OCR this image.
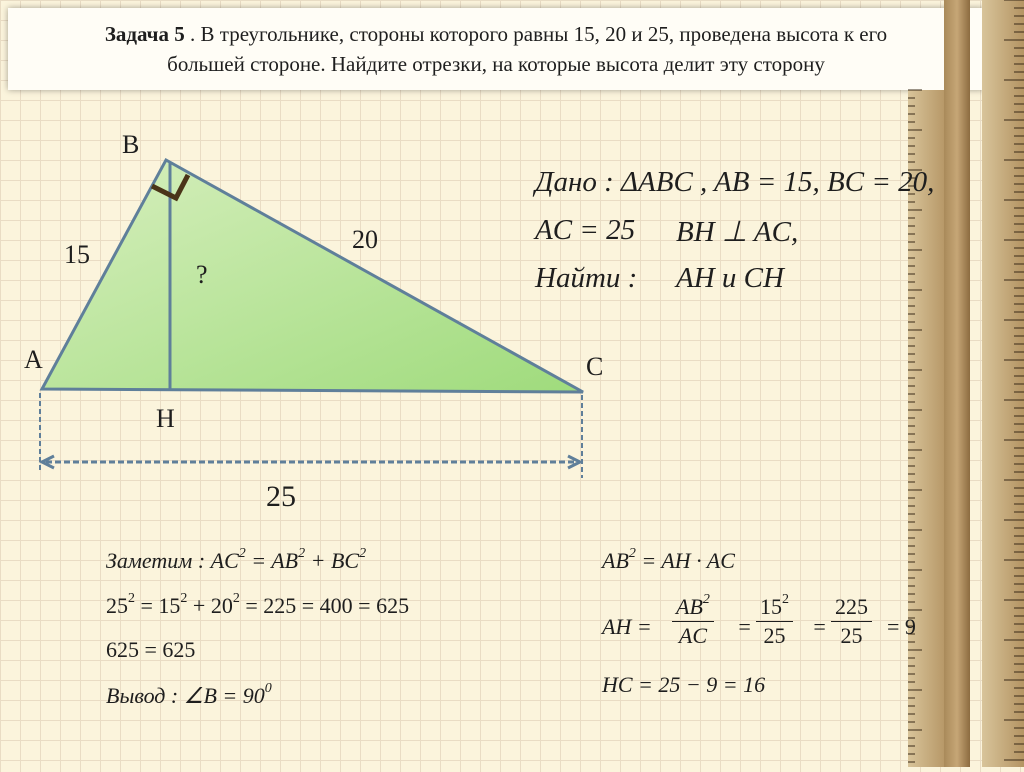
Задача 5 . В треугольнике, стороны которого равны 15, 20 и 25, проведена высота к его
большей стороне. Найдите отрезки, на которые высота делит эту сторону
B
A	C
H
15
20
?
25
Дано : ΔABC , AB = 15, BC = 20,
AC = 25 BH ⊥ AC,
Найти : AH и CH
Заметим : $AC^2 = AB^2 + BC^2$
$25^2 = 15^2 + 20^2 = 225 = 400 = 625$
625 = 625
Вывод : ∠B = $90^0$
$AB^2$ = AH · AC
AH =
$AB^2$
AC	=
$15^2$
25	=
225
25	= 9
HC = 25 − 9 = 16
